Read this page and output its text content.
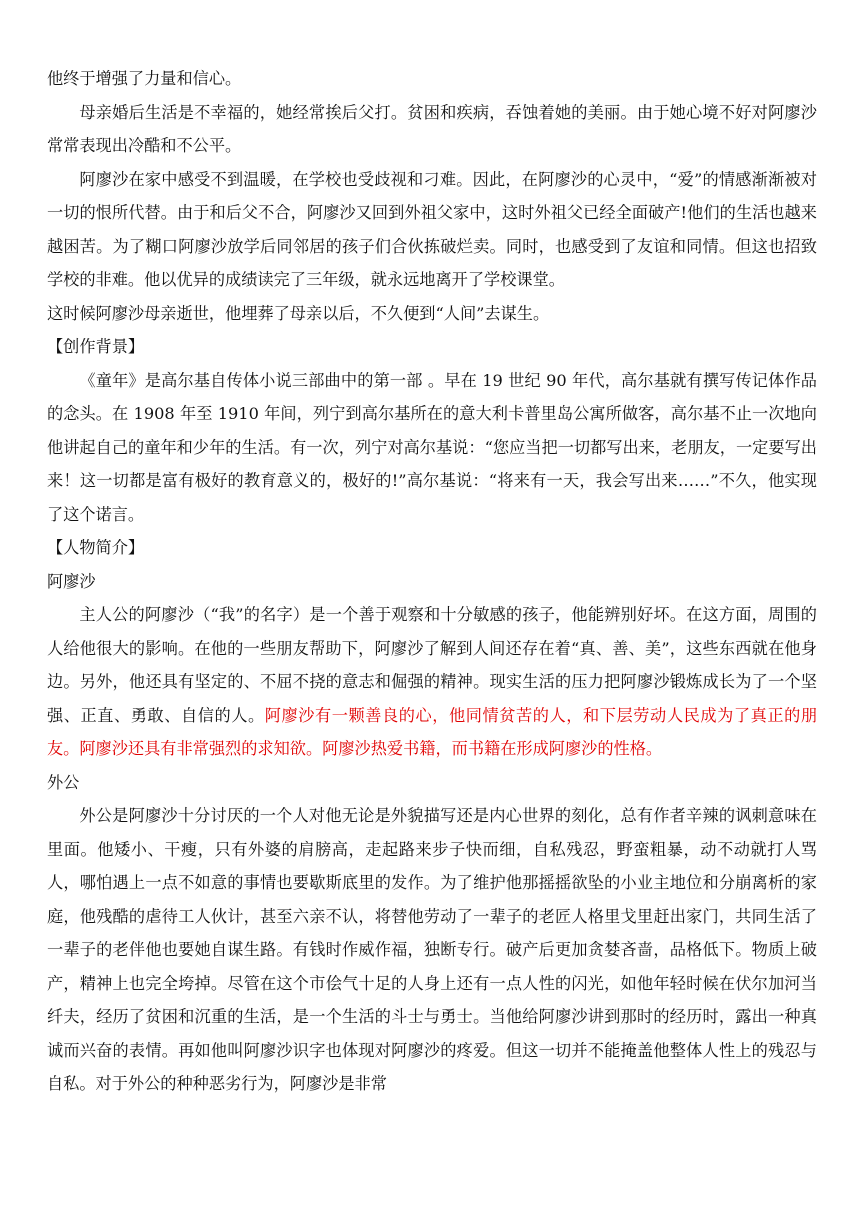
他终于增强了力量和信心。

母亲婚后生活是不幸福的，她经常挨后父打。贫困和疾病，吞蚀着她的美丽。由于她心境不好对阿廖沙常常表现出冷酷和不公平。

阿廖沙在家中感受不到温暖，在学校也受歧视和刁难。因此，在阿廖沙的心灵中，“爱”的情感渐渐被对一切的恨所代替。由于和后父不合，阿廖沙又回到外祖父家中，这时外祖父已经全面破产!他们的生活也越来越困苦。为了糊口阿廖沙放学后同邻居的孩子们合伙拣破烂卖。同时，也感受到了友谊和同情。但这也招致学校的非难。他以优异的成绩读完了三年级，就永远地离开了学校课堂。

这时候阿廖沙母亲逝世，他埋葬了母亲以后，不久便到“人间”去谋生。

【创作背景】

《童年》是高尔基自传体小说三部曲中的第一部 。早在 19 世纪 90 年代，高尔基就有撰写传记体作品的念头。在 1908 年至 1910 年间，列宁到高尔基所在的意大利卡普里岛公寓所做客，高尔基不止一次地向他讲起自己的童年和少年的生活。有一次，列宁对高尔基说：“您应当把一切都写出来，老朋友，一定要写出来！这一切都是富有极好的教育意义的，极好的!”高尔基说：“将来有一天，我会写出来……”不久，他实现了这个诺言。

【人物简介】

阿廖沙

主人公的阿廖沙（“我”的名字）是一个善于观察和十分敏感的孩子，他能辨别好坏。在这方面，周围的人给他很大的影响。在他的一些朋友帮助下，阿廖沙了解到人间还存在着“真、善、美”，这些东西就在他身边。另外，他还具有坚定的、不屈不挠的意志和倔强的精神。现实生活的压力把阿廖沙锻炼成长为了一个坚强、正直、勇敢、自信的人。阿廖沙有一颗善良的心，他同情贫苦的人，和下层劳动人民成为了真正的朋友。阿廖沙还具有非常强烈的求知欲。阿廖沙热爱书籍，而书籍在形成阿廖沙的性格。

外公

外公是阿廖沙十分讨厌的一个人对他无论是外貌描写还是内心世界的刻化，总有作者辛辣的讽刺意味在里面。他矮小、干瘦，只有外婆的肩膀高，走起路来步子快而细，自私残忍，野蛮粗暴，动不动就打人骂人，哪怕遇上一点不如意的事情也要歇斯底里的发作。为了维护他那摇摇欲坠的小业主地位和分崩离析的家庭，他残酷的虐待工人伙计，甚至六亲不认，将替他劳动了一辈子的老匠人格里戈里赶出家门，共同生活了一辈子的老伴他也要她自谋生路。有钱时作威作福，独断专行。破产后更加贪婪吝啬，品格低下。物质上破产，精神上也完全垮掉。尽管在这个市侩气十足的人身上还有一点人性的闪光，如他年轻时候在伏尔加河当纤夫，经历了贫困和沉重的生活，是一个生活的斗士与勇士。当他给阿廖沙讲到那时的经历时，露出一种真诚而兴奋的表情。再如他叫阿廖沙识字也体现对阿廖沙的疼爱。但这一切并不能掩盖他整体人性上的残忍与自私。对于外公的种种恶劣行为，阿廖沙是非常
